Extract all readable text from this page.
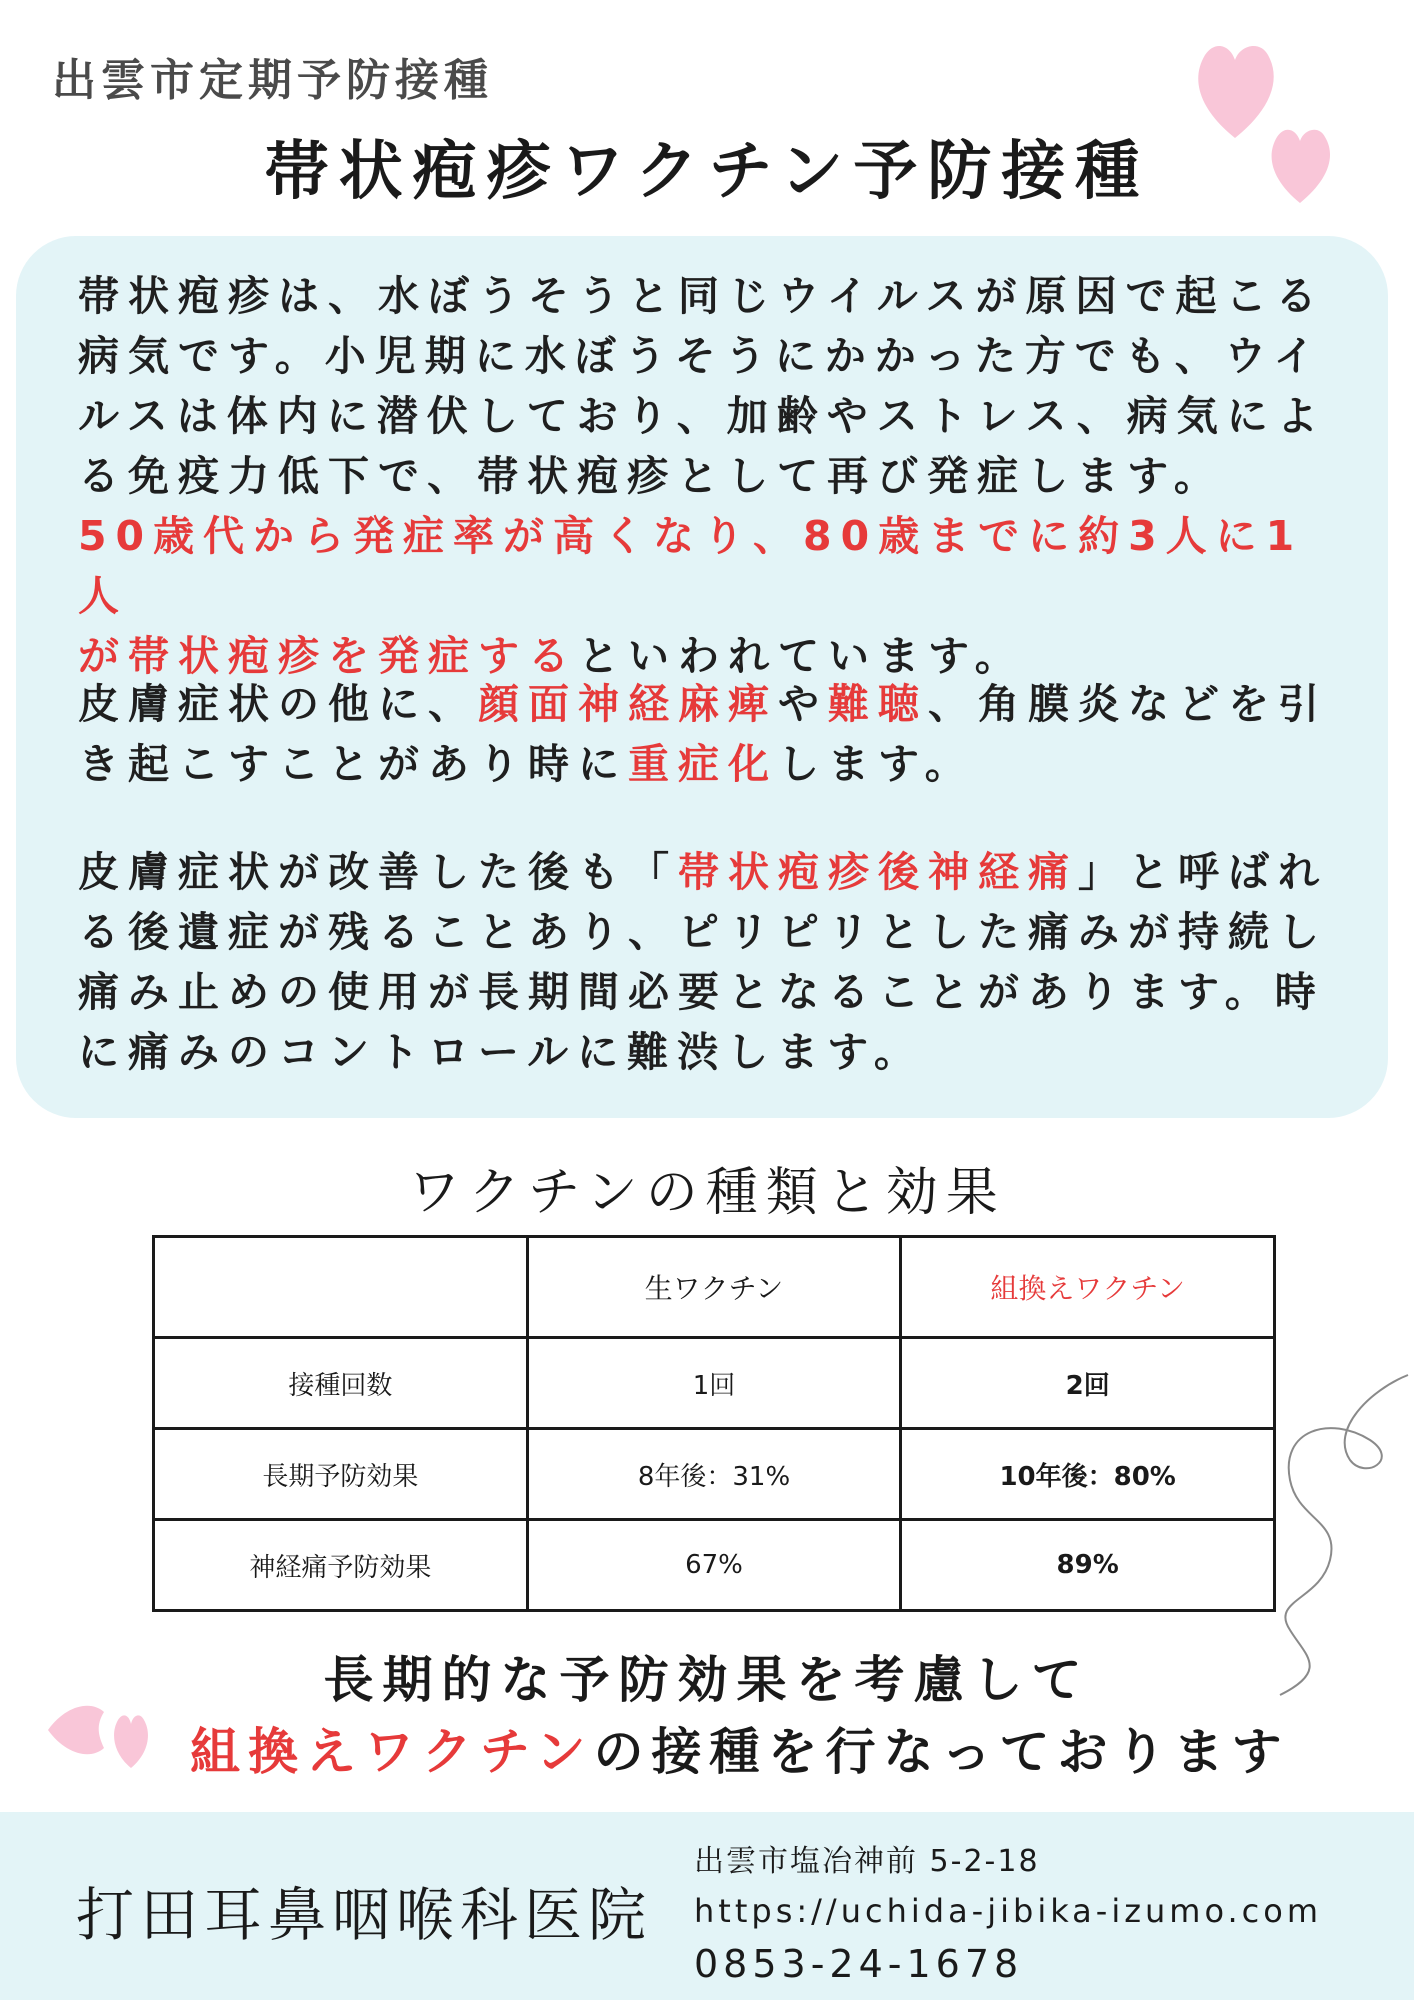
出雲市定期予防接種
帯状疱疹ワクチン予防接種
帯状疱疹は、水ぼうそうと同じウイルスが原因で起こる
病気です。小児期に水ぼうそうにかかった方でも、ウイ
ルスは体内に潜伏しており、加齢やストレス、病気によ
る免疫力低下で、帯状疱疹として再び発症します。
50歳代から発症率が高くなり、80歳までに約3人に1人
が帯状疱疹を発症するといわれています。
皮膚症状の他に、顔面神経麻痺や難聴、角膜炎などを引
き起こすことがあり時に重症化します。
皮膚症状が改善した後も「帯状疱疹後神経痛」と呼ばれ
る後遺症が残ることあり、ピリピリとした痛みが持続し
痛み止めの使用が長期間必要となることがあります。時
に痛みのコントロールに難渋します。
ワクチンの種類と効果
	生ワクチン	組換えワクチン
接種回数	1回	2回
長期予防効果	8年後：31%	10年後：80%
神経痛予防効果	67%	89%
長期的な予防効果を考慮して
組換えワクチンの接種を行なっております
打田耳鼻咽喉科医院
出雲市塩冶神前 5-2-18
https://uchida-jibika-izumo.com
0853-24-1678
